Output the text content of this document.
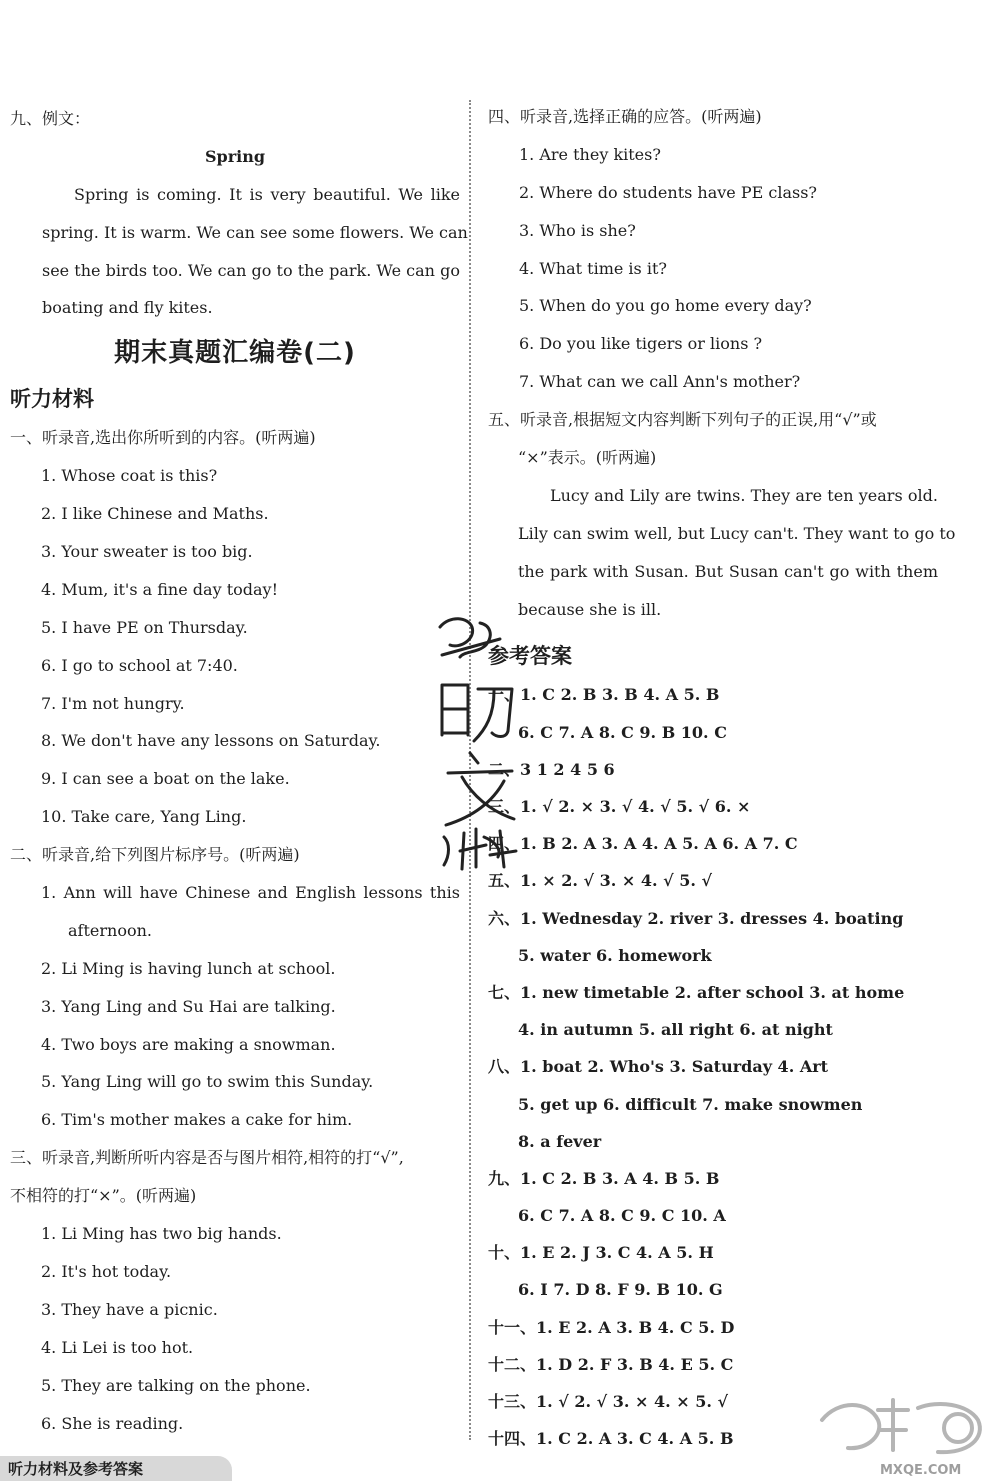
九、例文：
Spring
Spring is coming. It is very beautiful. We like
spring. It is warm. We can see some flowers. We can
see the birds too. We can go to the park. We can go
boating and fly kites.
期末真题汇编卷(二)
听力材料
一、听录音,选出你所听到的内容。(听两遍)
1. Whose coat is this?
2. I like Chinese and Maths.
3. Your sweater is too big.
4. Mum, it's a fine day today!
5. I have PE on Thursday.
6. I go to school at 7:40.
7. I'm not hungry.
8. We don't have any lessons on Saturday.
9. I can see a boat on the lake.
10. Take care, Yang Ling.
二、听录音,给下列图片标序号。(听两遍)
1. Ann will have Chinese and English lessons this
afternoon.
2. Li Ming is having lunch at school.
3. Yang Ling and Su Hai are talking.
4. Two boys are making a snowman.
5. Yang Ling will go to swim this Sunday.
6. Tim's mother makes a cake for him.
三、听录音,判断所听内容是否与图片相符,相符的打“√”,
不相符的打“×”。(听两遍)
1. Li Ming has two big hands.
2. It's hot today.
3. They have a picnic.
4. Li Lei is too hot.
5. They are talking on the phone.
6. She is reading.
四、听录音,选择正确的应答。(听两遍)
1. Are they kites?
2. Where do students have PE class?
3. Who is she?
4. What time is it?
5. When do you go home every day?
6. Do you like tigers or lions ?
7. What can we call Ann's mother?
五、听录音,根据短文内容判断下列句子的正误,用“√”或
“×”表示。(听两遍)
Lucy and Lily are twins. They are ten years old.
Lily can swim well, but Lucy can't. They want to go to
the park with Susan. But Susan can't go with them
because she is ill.
参考答案
一、1. C 2. B 3. B 4. A 5. B
6. C 7. A 8. C 9. B 10. C
二、3 1 2 4 5 6
三、1. √ 2. × 3. √ 4. √ 5. √ 6. ×
四、1. B 2. A 3. A 4. A 5. A 6. A 7. C
五、1. × 2. √ 3. × 4. √ 5. √
六、1. Wednesday 2. river 3. dresses 4. boating
5. water 6. homework
七、1. new timetable 2. after school 3. at home
4. in autumn 5. all right 6. at night
八、1. boat 2. Who's 3. Saturday 4. Art
5. get up 6. difficult 7. make snowmen
8. a fever
九、1. C 2. B 3. A 4. B 5. B
6. C 7. A 8. C 9. C 10. A
十、1. E 2. J 3. C 4. A 5. H
6. I 7. D 8. F 9. B 10. G
十一、1. E 2. A 3. B 4. C 5. D
十二、1. D 2. F 3. B 4. E 5. C
十三、1. √ 2. √ 3. × 4. × 5. √
十四、1. C 2. A 3. C 4. A 5. B
听力材料及参考答案	MXQE.COM
